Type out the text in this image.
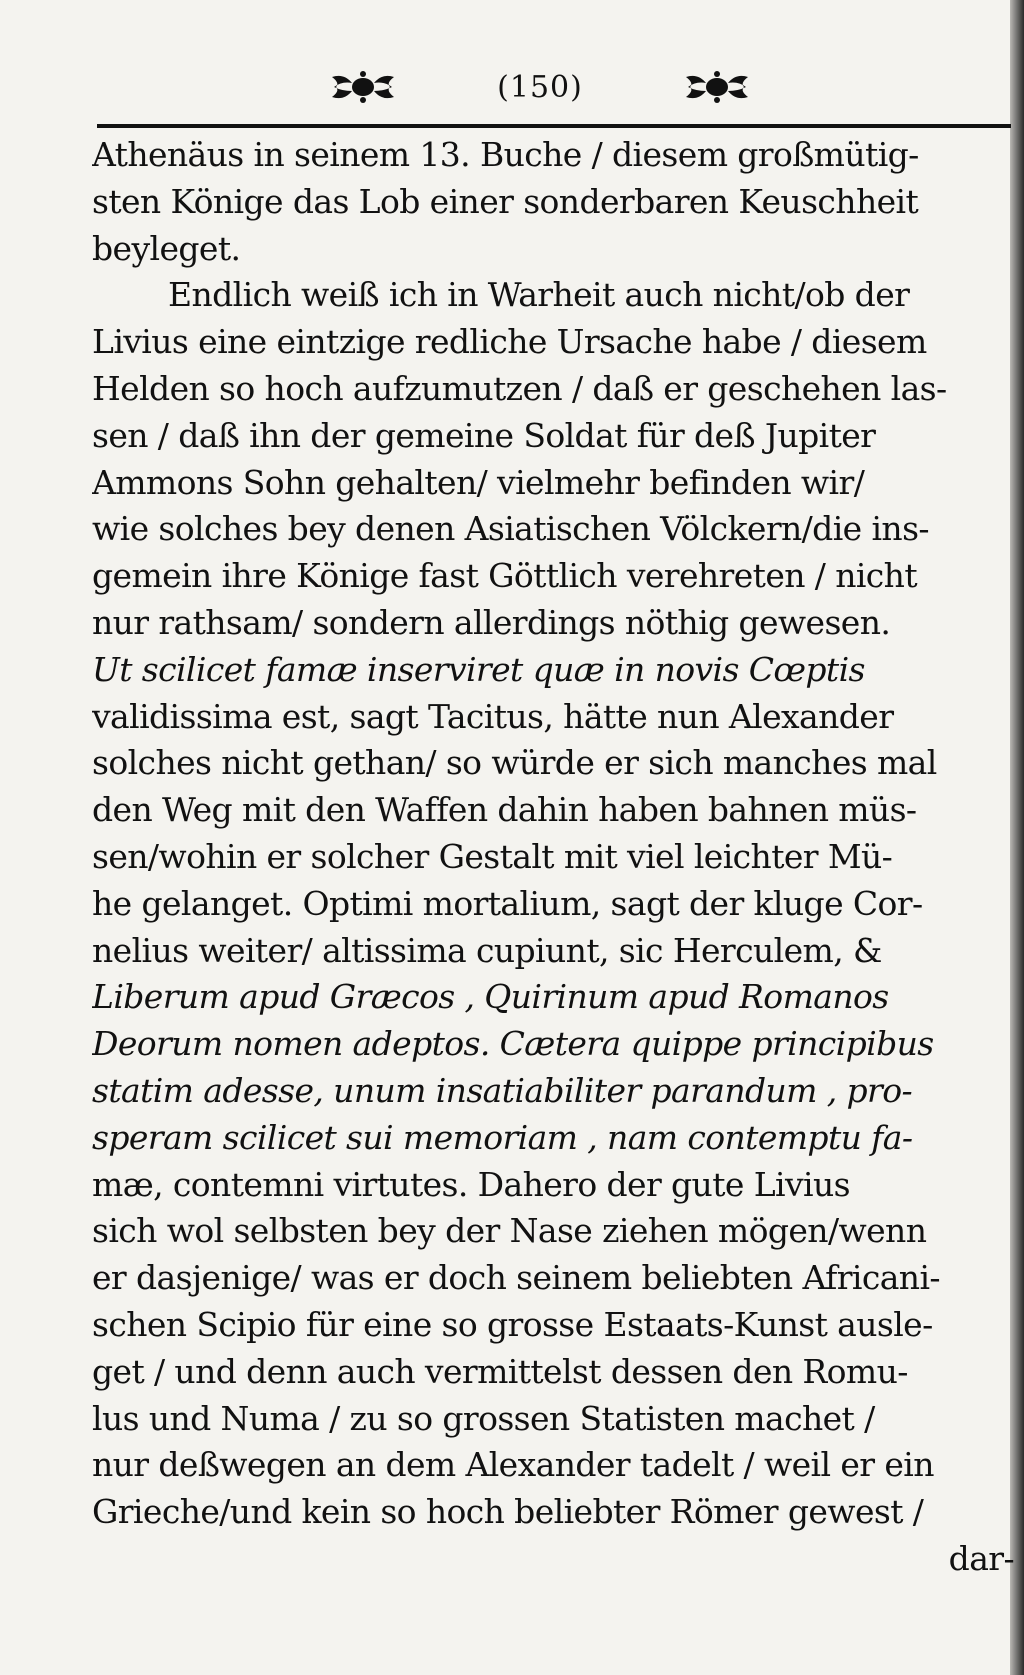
(150)
Athenäus in seinem 13. Buche / diesem großmütig-
sten Könige das Lob einer sonderbaren Keuschheit
beyleget.
Endlich weiß ich in Warheit auch nicht/ob der
Livius eine eintzige redliche Ursache habe / diesem
Helden so hoch aufzumutzen / daß er geschehen las-
sen / daß ihn der gemeine Soldat für deß Jupiter
Ammons Sohn gehalten/ vielmehr befinden wir/
wie solches bey denen Asiatischen Völckern/die ins-
gemein ihre Könige fast Göttlich verehreten / nicht
nur rathsam/ sondern allerdings nöthig gewesen.
Ut scilicet famæ inserviret quæ in novis Cœptis
validissima est, sagt Tacitus, hätte nun Alexander
solches nicht gethan/ so würde er sich manches mal
den Weg mit den Waffen dahin haben bahnen müs-
sen/wohin er solcher Gestalt mit viel leichter Mü-
he gelanget. Optimi mortalium, sagt der kluge Cor-
nelius weiter/ altissima cupiunt, sic Herculem, &
Liberum apud Græcos , Quirinum apud Romanos
Deorum nomen adeptos. Cætera quippe principibus
statim adesse, unum insatiabiliter parandum , pro-
speram scilicet sui memoriam , nam contemptu fa-
mæ, contemni virtutes. Dahero der gute Livius
sich wol selbsten bey der Nase ziehen mögen/wenn
er dasjenige/ was er doch seinem beliebten Africani-
schen Scipio für eine so grosse Estaats-Kunst ausle-
get / und denn auch vermittelst dessen den Romu-
lus und Numa / zu so grossen Statisten machet /
nur deßwegen an dem Alexander tadelt / weil er ein
Grieche/und kein so hoch beliebter Römer gewest /
dar-
